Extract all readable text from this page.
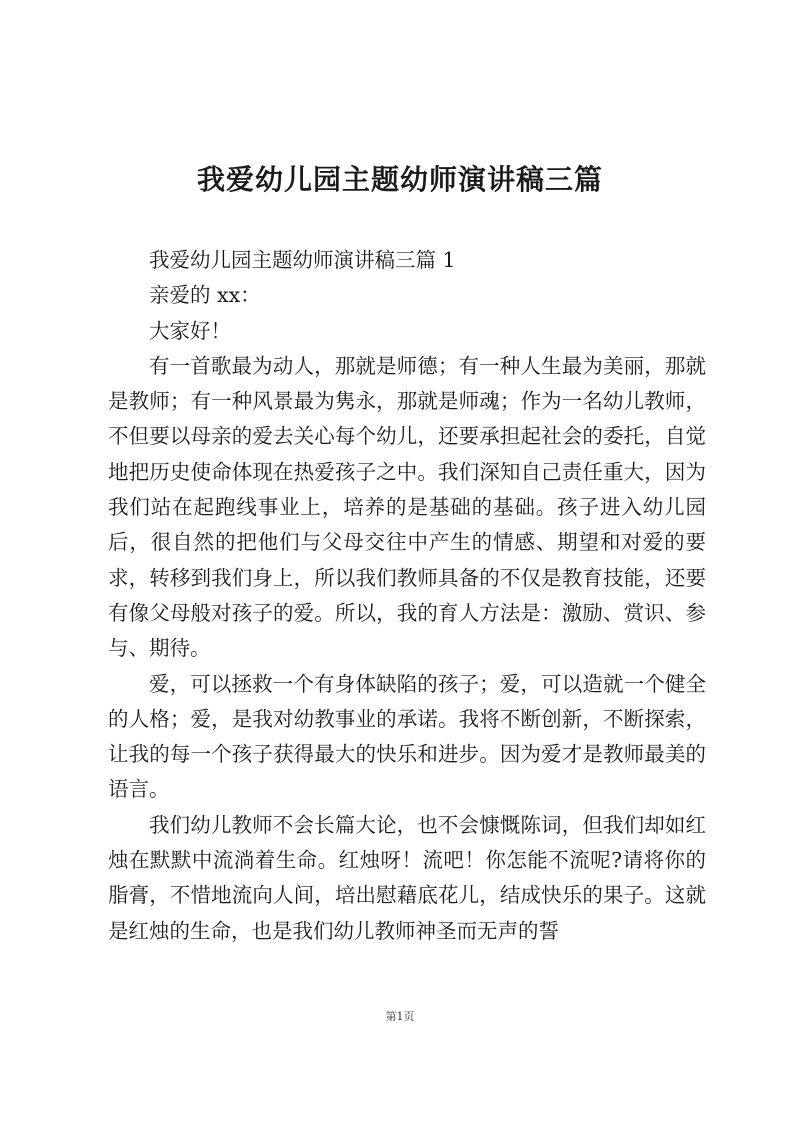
我爱幼儿园主题幼师演讲稿三篇

我爱幼儿园主题幼师演讲稿三篇 1

亲爱的 xx：

大家好！

有一首歌最为动人，那就是师德；有一种人生最为美丽，那就是教师；有一种风景最为隽永，那就是师魂；作为一名幼儿教师，不但要以母亲的爱去关心每个幼儿，还要承担起社会的委托，自觉地把历史使命体现在热爱孩子之中。我们深知自己责任重大，因为我们站在起跑线事业上，培养的是基础的基础。孩子进入幼儿园后，很自然的把他们与父母交往中产生的情感、期望和对爱的要求，转移到我们身上，所以我们教师具备的不仅是教育技能，还要有像父母般对孩子的爱。所以，我的育人方法是：激励、赏识、参与、期待。

爱，可以拯救一个有身体缺陷的孩子；爱，可以造就一个健全的人格；爱，是我对幼教事业的承诺。我将不断创新，不断探索，让我的每一个孩子获得最大的快乐和进步。因为爱才是教师最美的语言。

我们幼儿教师不会长篇大论，也不会慷慨陈词，但我们却如红烛在默默中流淌着生命。红烛呀！流吧！你怎能不流呢?请将你的脂膏，不惜地流向人间，培出慰藉底花儿，结成快乐的果子。这就是红烛的生命，也是我们幼儿教师神圣而无声的誓

第1页
